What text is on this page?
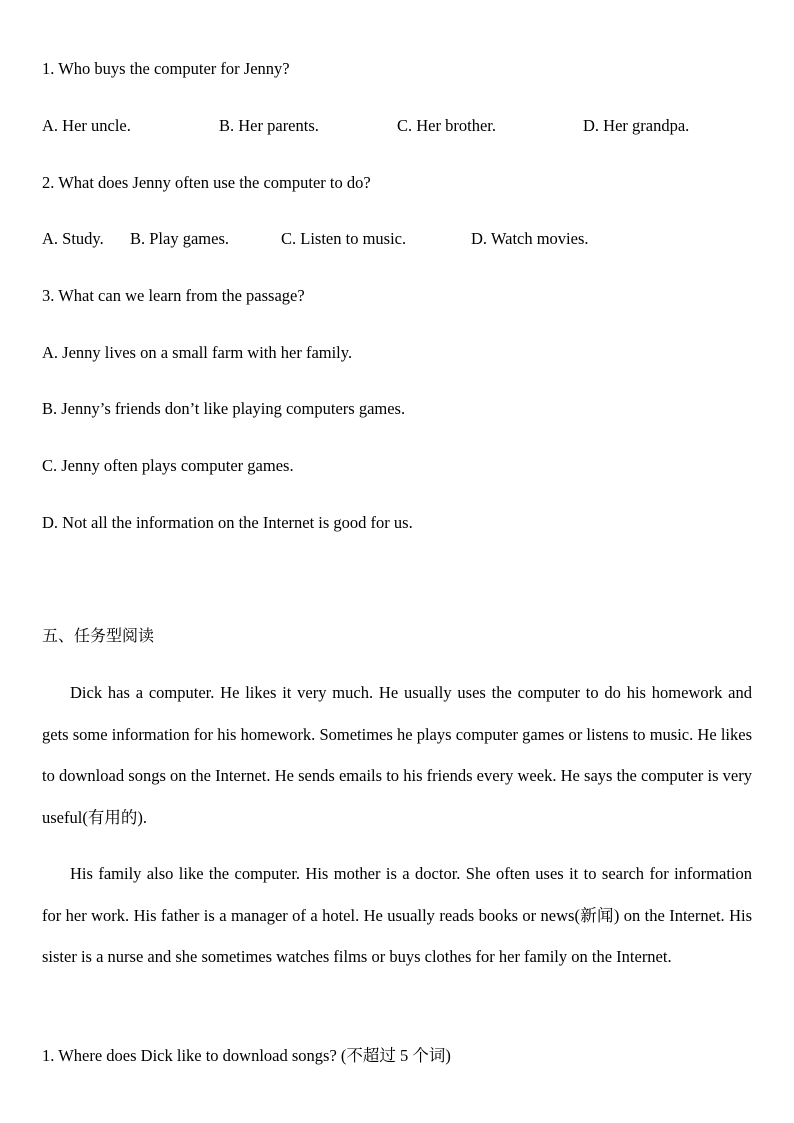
1. Who buys the computer for Jenny?
A. Her uncle.	B. Her parents.	C. Her brother.	D. Her grandpa.
2. What does Jenny often use the computer to do?
A. Study. B. Play games.	C. Listen to music.	D. Watch movies.
3. What can we learn from the passage?
A. Jenny lives on a small farm with her family.
B. Jenny’s friends don’t like playing computers games.
C. Jenny often plays computer games.
D. Not all the information on the Internet is good for us.
五、任务型阅读

Dick has a computer. He likes it very much. He usually uses the computer to do his homework and gets some information for his homework. Sometimes he plays computer games or listens to music. He likes to download songs on the Internet. He sends emails to his friends every week. He says the computer is very useful(有用的).

His family also like the computer. His mother is a doctor. She often uses it to search for information for her work. His father is a manager of a hotel. He usually reads books or news(新闻) on the Internet. His sister is a nurse and she sometimes watches films or buys clothes for her family on the Internet.

1. Where does Dick like to download songs? (不超过 5 个词)
